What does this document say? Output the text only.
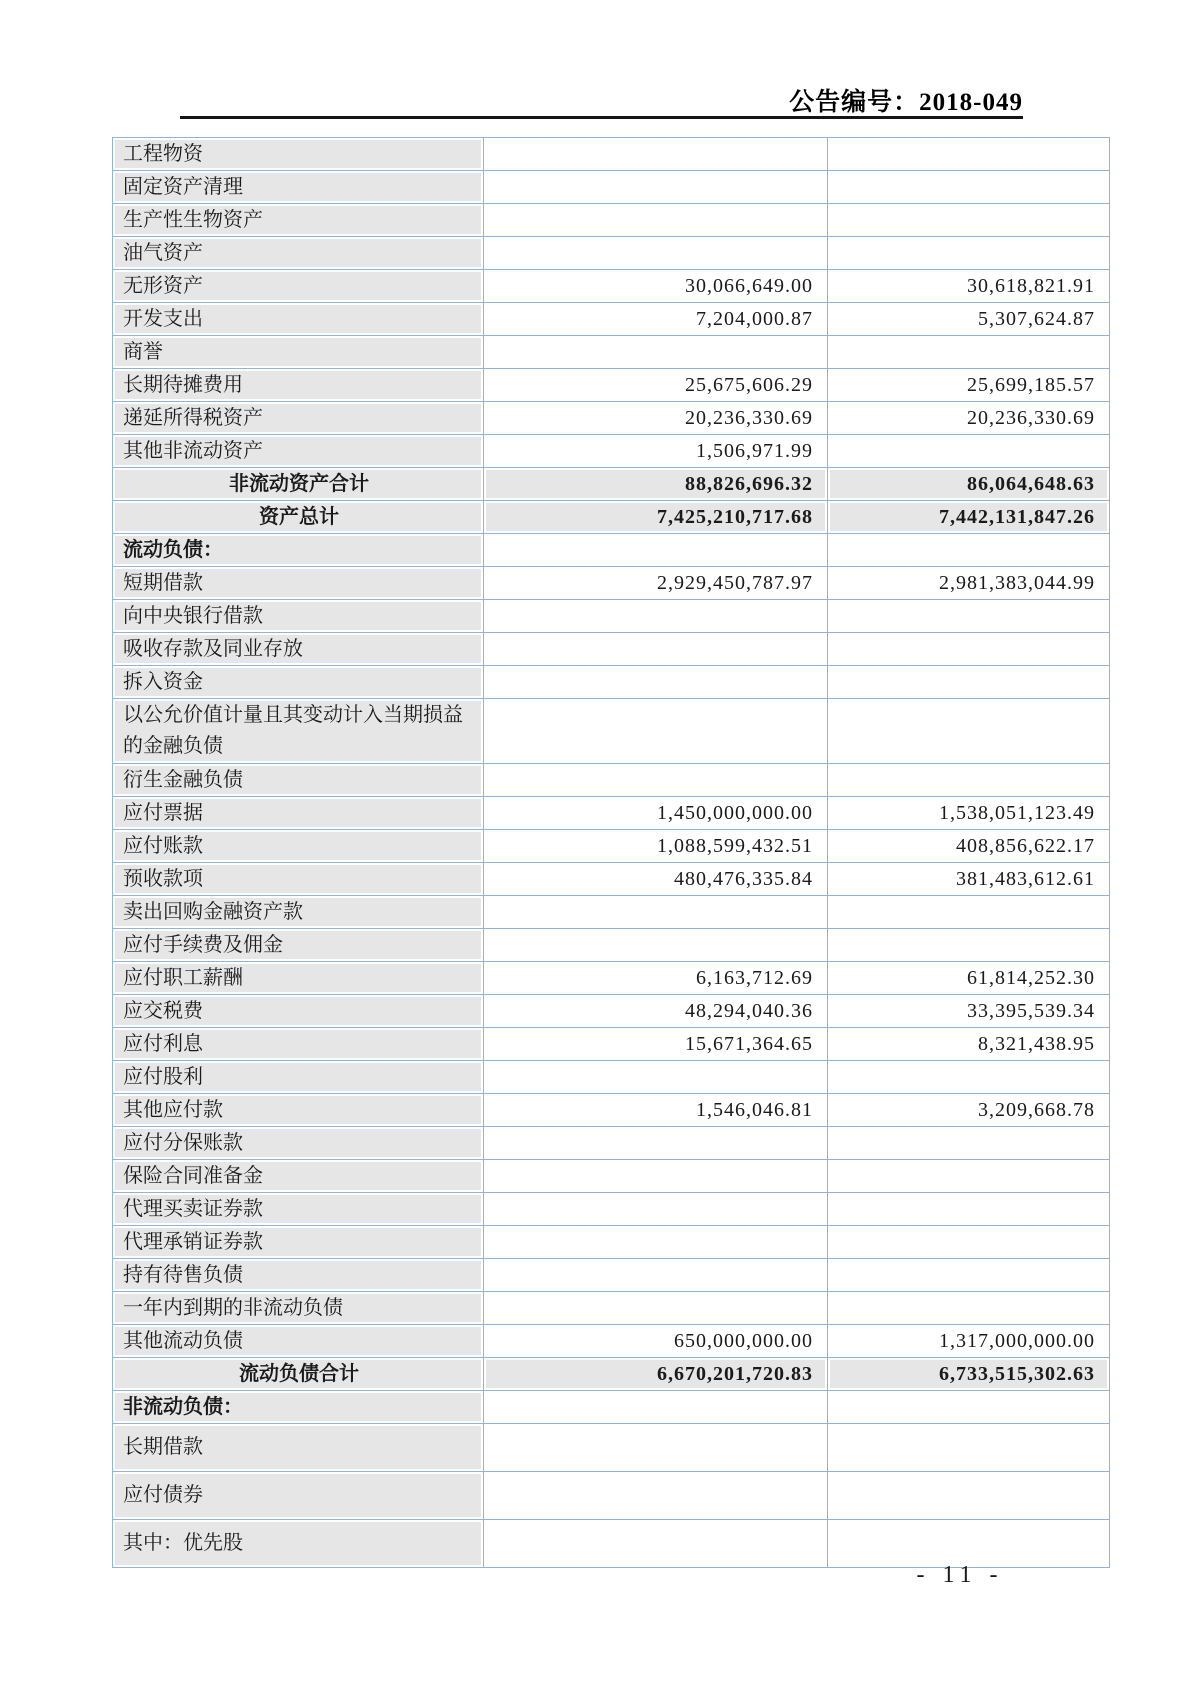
公告编号：2018-049
工程物资		
固定资产清理		
生产性生物资产		
油气资产		
无形资产	30,066,649.00	30,618,821.91
开发支出	7,204,000.87	5,307,624.87
商誉		
长期待摊费用	25,675,606.29	25,699,185.57
递延所得税资产	20,236,330.69	20,236,330.69
其他非流动资产	1,506,971.99	
非流动资产合计	88,826,696.32	86,064,648.63
资产总计	7,425,210,717.68	7,442,131,847.26
流动负债：		
短期借款	2,929,450,787.97	2,981,383,044.99
向中央银行借款		
吸收存款及同业存放		
拆入资金		
以公允价值计量且其变动计入当期损益的金融负债		
衍生金融负债		
应付票据	1,450,000,000.00	1,538,051,123.49
应付账款	1,088,599,432.51	408,856,622.17
预收款项	480,476,335.84	381,483,612.61
卖出回购金融资产款		
应付手续费及佣金		
应付职工薪酬	6,163,712.69	61,814,252.30
应交税费	48,294,040.36	33,395,539.34
应付利息	15,671,364.65	8,321,438.95
应付股利		
其他应付款	1,546,046.81	3,209,668.78
应付分保账款		
保险合同准备金		
代理买卖证券款		
代理承销证券款		
持有待售负债		
一年内到期的非流动负债		
其他流动负债	650,000,000.00	1,317,000,000.00
流动负债合计	6,670,201,720.83	6,733,515,302.63
非流动负债：		
长期借款		
应付债券		
其中：优先股		
- 11 -
